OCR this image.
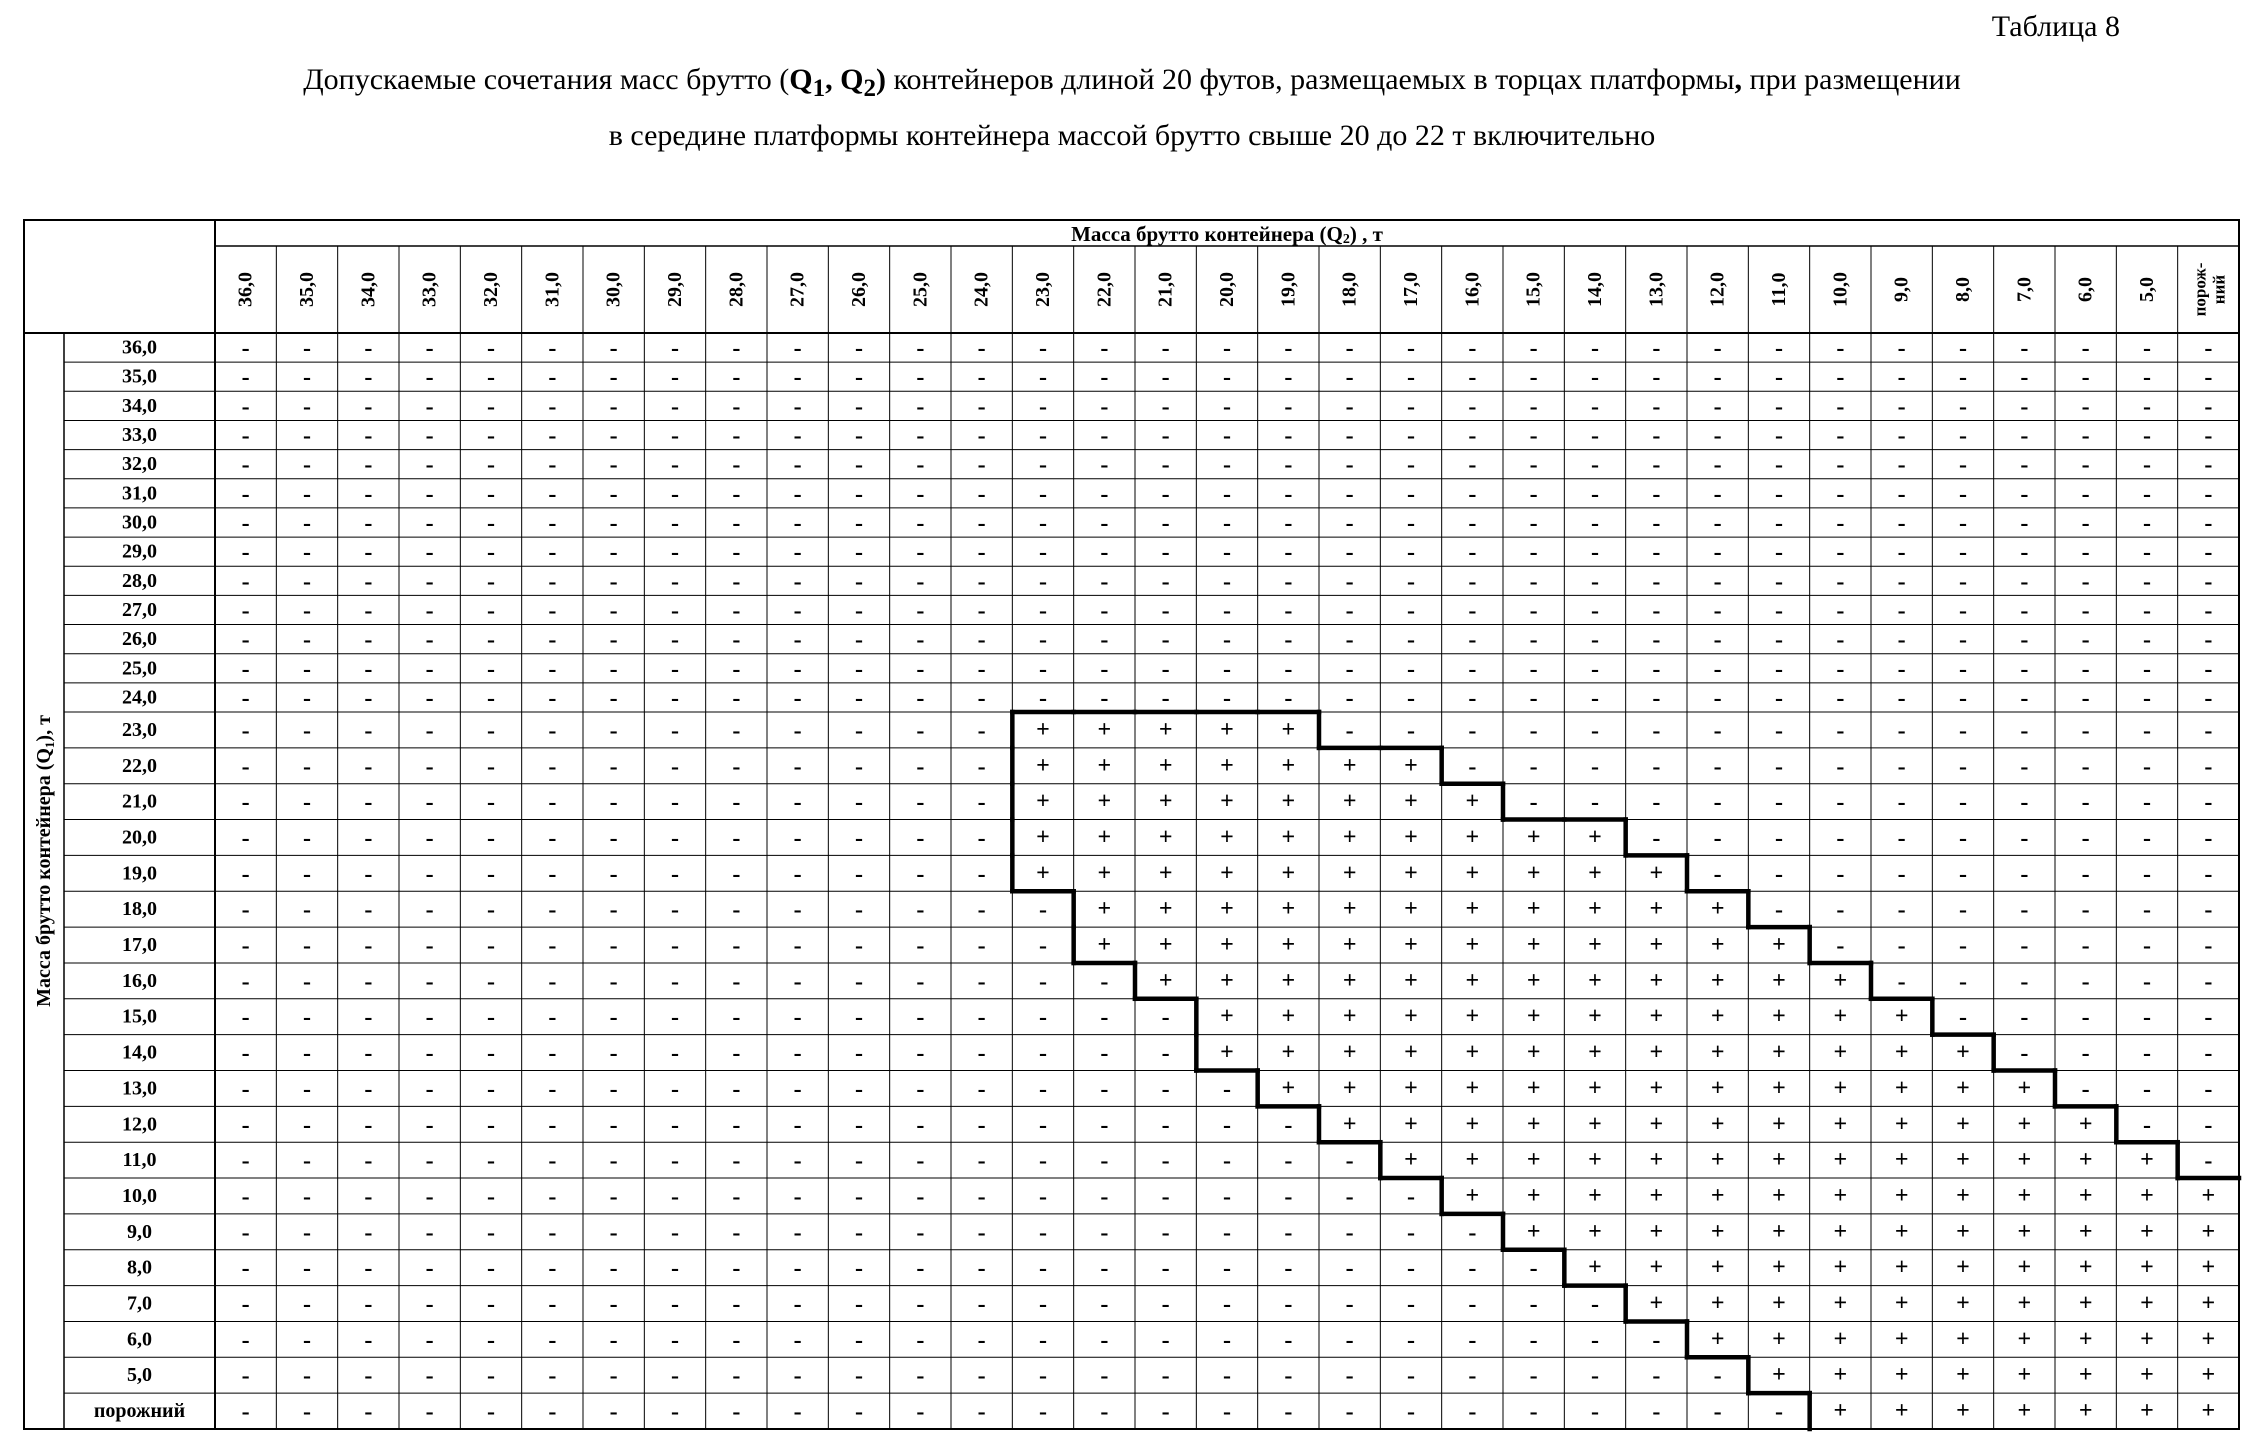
Таблица 8
Допускаемые сочетания масс брутто ($Q_1$, $Q_2$) контейнеров длиной 20 футов, размещаемых в торцах платформы, при размещении
в середине платформы контейнера массой брутто свыше 20 до 22 т включительно
Масса брутто контейнера $(Q_2)$ , т
Масса брутто контейнера $(Q_1)$, т
36,0 35,0 34,0 33,0 32,0 31,0 30,0 29,0 28,0 27,0 26,0 25,0 24,0 23,0 22,0 21,0 20,0 19,0 18,0 17,0 16,0 15,0 14,0 13,0 12,0 11,0 10,0 9,0 8,0 7,0 6,0 5,0 порож-ний
36,0
35,0
34,0
33,0
32,0
31,0
30,0
29,0
28,0
27,0
26,0
25,0
24,0
23,0
22,0
21,0
20,0
19,0
18,0
17,0
16,0
15,0
14,0
13,0
12,0
11,0
10,0
9,0
8,0
7,0
6,0
5,0
порожний
- - - - - - - - - - - - - - - - - - - - - - - - - - - - - - - - -
- - - - - - - - - - - - - - - - - - - - - - - - - - - - - - - - -
- - - - - - - - - - - - - - - - - - - - - - - - - - - - - - - - -
- - - - - - - - - - - - - - - - - - - - - - - - - - - - - - - - -
- - - - - - - - - - - - - - - - - - - - - - - - - - - - - - - - -
- - - - - - - - - - - - - - - - - - - - - - - - - - - - - - - - -
- - - - - - - - - - - - - - - - - - - - - - - - - - - - - - - - -
- - - - - - - - - - - - - - - - - - - - - - - - - - - - - - - - -
- - - - - - - - - - - - - - - - - - - - - - - - - - - - - - - - -
- - - - - - - - - - - - - - - - - - - - - - - - - - - - - - - - -
- - - - - - - - - - - - - - - - - - - - - - - - - - - - - - - - -
- - - - - - - - - - - - - - - - - - - - - - - - - - - - - - - - -
- - - - - - - - - - - - - - - - - - - - - - - - - - - - - - - - -
- - - - - - - - - - - - - + + + + + - - - - - - - - - - - - - - -
- - - - - - - - - - - - - + + + + + + + - - - - - - - - - - - - -
- - - - - - - - - - - - - + + + + + + + + - - - - - - - - - - - -
- - - - - - - - - - - - - + + + + + + + + + + - - - - - - - - - -
- - - - - - - - - - - - - + + + + + + + + + + + - - - - - - - - -
- - - - - - - - - - - - - - + + + + + + + + + + + - - - - - - - -
- - - - - - - - - - - - - - + + + + + + + + + + + + - - - - - - -
- - - - - - - - - - - - - - - + + + + + + + + + + + + - - - - - -
- - - - - - - - - - - - - - - - + + + + + + + + + + + + - - - - -
- - - - - - - - - - - - - - - - + + + + + + + + + + + + + - - - -
- - - - - - - - - - - - - - - - - + + + + + + + + + + + + + - - -
- - - - - - - - - - - - - - - - - - + + + + + + + + + + + + + - -
- - - - - - - - - - - - - - - - - - - + + + + + + + + + + + + + -
- - - - - - - - - - - - - - - - - - - - + + + + + + + + + + + + +
- - - - - - - - - - - - - - - - - - - - - + + + + + + + + + + + +
- - - - - - - - - - - - - - - - - - - - - - + + + + + + + + + + +
- - - - - - - - - - - - - - - - - - - - - - - + + + + + + + + + +
- - - - - - - - - - - - - - - - - - - - - - - - + + + + + + + + +
- - - - - - - - - - - - - - - - - - - - - - - - - + + + + + + + +
- - - - - - - - - - - - - - - - - - - - - - - - - - + + + + + + +
